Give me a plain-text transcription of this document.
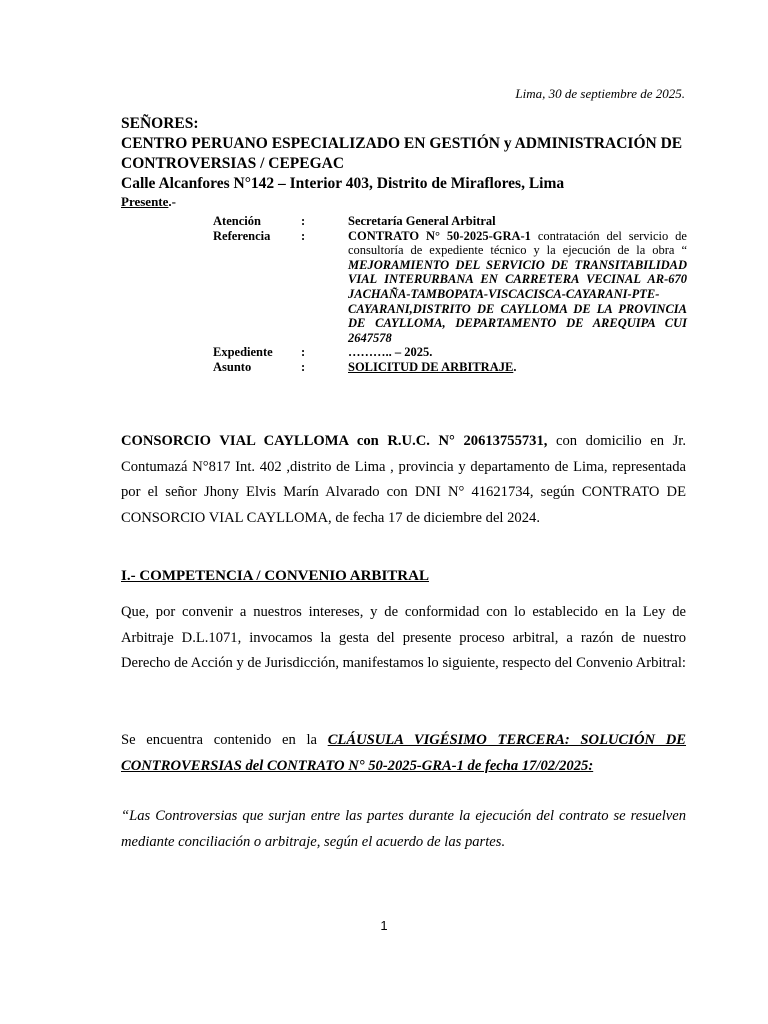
Lima, 30 de septiembre de 2025.
SEÑORES:
CENTRO PERUANO ESPECIALIZADO EN GESTIÓN y ADMINISTRACIÓN DE
CONTROVERSIAS / CEPEGAC
Calle Alcanfores N°142 – Interior 403, Distrito de Miraflores, Lima
Presente.-
Atención	:	Secretaría General Arbitral
Referencia	:	CONTRATO N° 50-2025-GRA-1 contratación del servicio de consultoría de expediente técnico y la ejecución de la obra “ MEJORAMIENTO DEL SERVICIO DE TRANSITABILIDAD VIAL INTERURBANA EN CARRETERA VECINAL AR-670 JACHAÑA-TAMBOPATA-VISCACISCA-CAYARANI-PTE-CAYARANI,DISTRITO DE CAYLLOMA DE LA PROVINCIA DE CAYLLOMA, DEPARTAMENTO DE AREQUIPA CUI 2647578
Expediente	:	……….. – 2025.
Asunto	:	SOLICITUD DE ARBITRAJE.
CONSORCIO VIAL CAYLLOMA con R.U.C. N° 20613755731, con domicilio en Jr. Contumazá N°817 Int. 402 ,distrito de Lima , provincia y departamento de Lima, representada por el señor Jhony Elvis Marín Alvarado con DNI N° 41621734, según CONTRATO DE CONSORCIO VIAL CAYLLOMA, de fecha 17 de diciembre del 2024.
I.- COMPETENCIA / CONVENIO ARBITRAL
Que, por convenir a nuestros intereses, y de conformidad con lo establecido en la Ley de Arbitraje D.L.1071, invocamos la gesta del presente proceso arbitral, a razón de nuestro Derecho de Acción y de Jurisdicción, manifestamos lo siguiente, respecto del Convenio Arbitral:
Se encuentra contenido en la CLÁUSULA VIGÉSIMO TERCERA: SOLUCIÓN DE CONTROVERSIAS del CONTRATO N° 50-2025-GRA-1 de fecha 17/02/2025:
“Las Controversias que surjan entre las partes durante la ejecución del contrato se resuelven mediante conciliación o arbitraje, según el acuerdo de las partes.
1
